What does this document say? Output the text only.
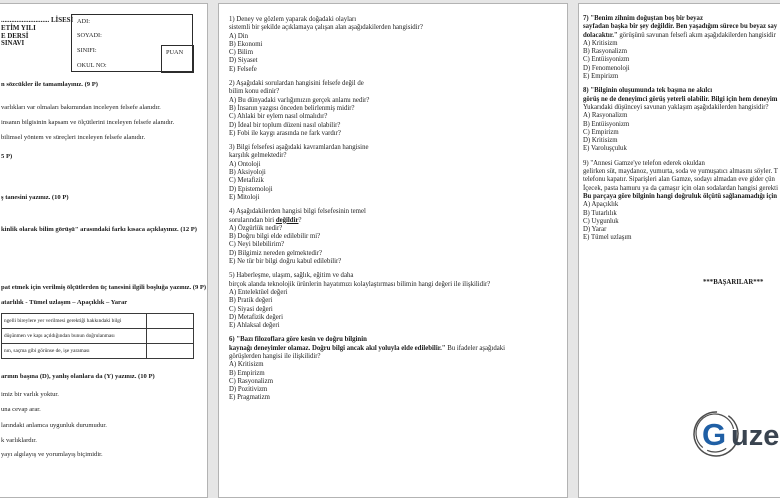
............................ LİSESİ
ETİM YILI
E DERSİ
SINAVI
ADI:
SOYADI:
SINIFI:
OKUL NO:
PUAN
n sözcükler ile tamamlayınız. (9 P)
varlıkları var olmaları bakımından inceleyen felsefe alanıdır.
insanın bilgisinin kapsam ve ölçütlerini inceleyen felsefe alanıdır.
bilimsel yöntem ve süreçleri inceleyen felsefe alanıdır.
5 P)
ş tanesini yazınız. (10 P)
kinlik olarak bilim görüşü" arasındaki farkı kısaca açıklayınız. (12 P)
pat etmek için verilmiş ölçütlerden üç tanesini ilgili boşluğa yazınız. (9 P)
atarlılık - Tümel uzlaşım – Apaçıklık – Yarar
ngelli bireylere yer verilmesi gerektiği hakkındaki bilgi	
düşünmen ve kapı açıldığından bunun doğrulanması	
nın, saçma gibi görünse de, işe yaraması	
arının başına (D), yanlış olanlara da (Y) yazınız. (10 P)
imiz bir varlık yoktur.
una cevap arar.
larındaki anlamca uygunluk durumudur.
k varlıklardır.
yayı algılayış ve yorumlayış biçimidir.
1) Deney ve gözlem yaparak doğadaki olayları
sistemli bir şekilde açıklamaya çalışan alan aşağıdakilerden hangisidir?
A) Din
B) Ekonomi
C) Bilim
D) Siyaset
E) Felsefe
2) Aşağıdaki sorulardan hangisini felsefe değil de
bilim konu edinir?
A) Bu dünyadaki varlığımızın gerçek anlamı nedir?
B) İnsanın yazgısı önceden belirlenmiş midir?
C) Ahlaki bir eylem nasıl olmalıdır?
D) İdeal bir toplum düzeni nasıl olabilir?
E) Fobi ile kaygı arasında ne fark vardır?
3) Bilgi felsefesi aşağıdaki kavramlardan hangisine
karşılık gelmektedir?
A) Ontoloji
B) Aksiyoloji
C) Metafizik
D) Epistemoloji
E) Mitoloji
4) Aşağıdakilerden hangisi bilgi felsefesinin temel
sorularından biri değildir?
A) Özgürlük nedir?
B) Doğru bilgi elde edilebilir mi?
C) Neyi bilebilirim?
D) Bilgimiz nereden gelmektedir?
E) Ne tür bir bilgi doğru kabul edilebilir?
5) Haberleşme, ulaşım, sağlık, eğitim ve daha
birçok alanda teknolojik ürünlerin hayatımızı kolaylaştırması bilimin hangi değeri ile ilişkilidir?
A) Entelektüel değeri
B) Pratik değeri
C) Siyasi değeri
D) Metafizik değeri
E) Ahlaksal değeri
6) "Bazı filozoflara göre kesin ve doğru bilginin
kaynağı deneyimler olamaz. Doğru bilgi ancak akıl yoluyla elde edilebilir." Bu ifadeler aşağıdaki
görüşlerden hangisi ile ilişkilidir?
A) Kritisizm
B) Empirizm
C) Rasyonalizm
D) Pozitivizm
E) Pragmatizm
7) "Benim zihnim doğuştan boş bir beyaz
sayfadan başka bir şey değildir. Ben yaşadığım sürece bu beyaz say
dolacaktır." görüşünü savunan felsefi akım aşağıdakilerden hangisidir
A) Kritisizm
B) Rasyonalizm
C) Entüisyonizm
D) Fenomenoloji
E) Empirizm
8) "Bilginin oluşumunda tek başına ne akılcı
görüş ne de deneyimci görüş yeterli olabilir. Bilgi için hem deneyim
Yukarıdaki düşünceyi savunan yaklaşım aşağıdakilerden hangisidir?
A) Rasyonalizm
B) Entüisyonizm
C) Empirizm
D) Kritisizm
E) Varoluşçuluk
9) "Annesi Gamze'ye telefon ederek okuldan
gelirken süt, maydanoz, yumurta, soda ve yumuşatıcı almasını söyler. T
telefonu kapatır. Siparişleri alan Gamze, sodayı almadan eve gider çün
İçecek, pasta hamuru ya da çamaşır için olan sodalardan hangisi gerekti
Bu parçaya göre bilginin hangi doğruluk ölçütü sağlanamadığı için
A) Apaçıklık
B) Tutarlılık
C) Uygunluk
D) Yarar
E) Tümel uzlaşım
***BAŞARILAR***
G uze
